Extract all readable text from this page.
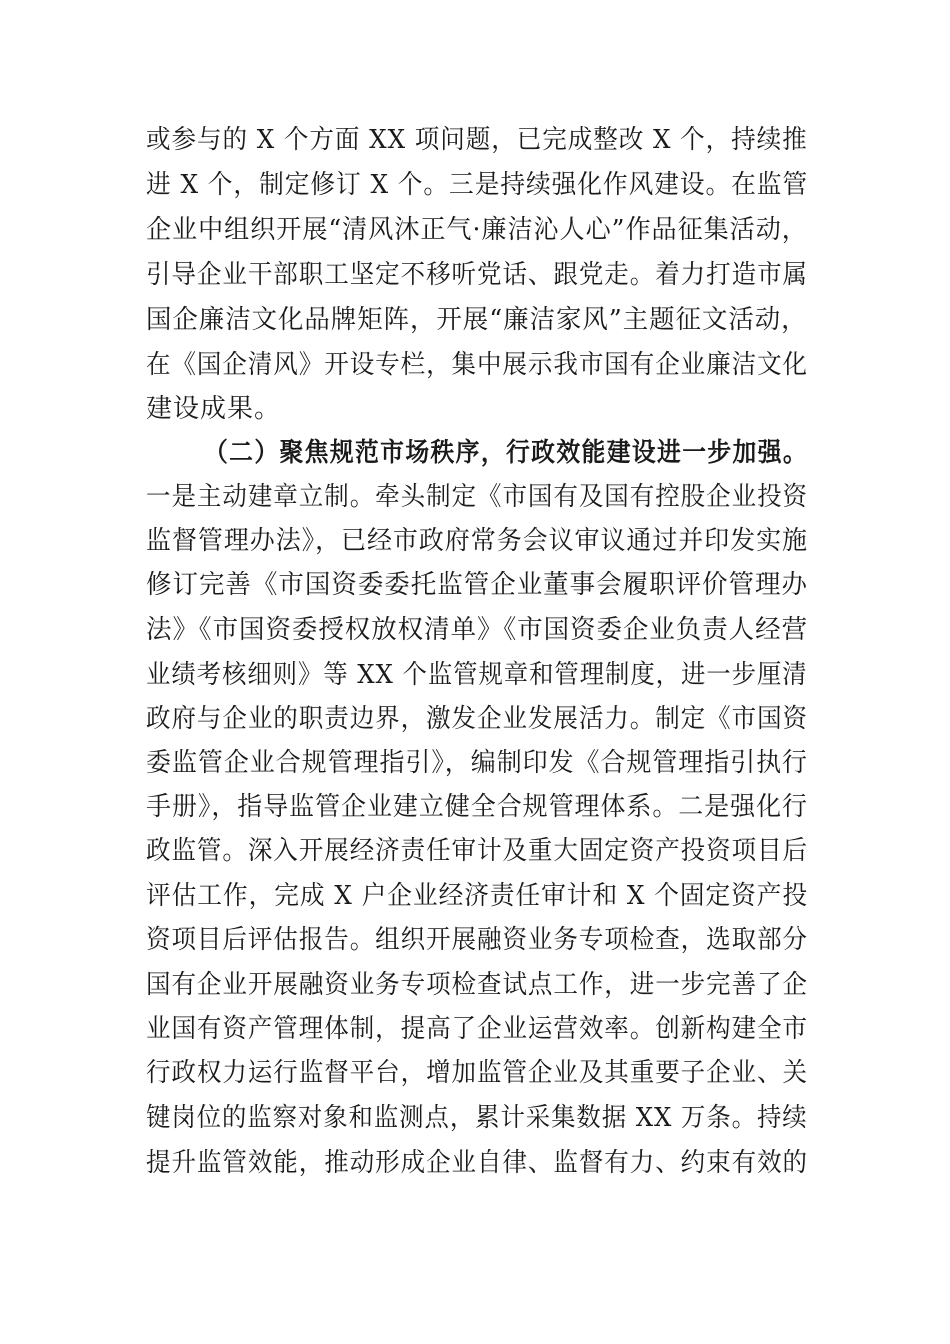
或参与的 X 个方面 XX 项问题，已完成整改 X 个，持续推
进 X 个，制定修订 X 个。三是持续强化作风建设。在监管
企业中组织开展“清风沐正气·廉洁沁人心”作品征集活动，
引导企业干部职工坚定不移听党话、跟党走。着力打造市属
国企廉洁文化品牌矩阵，开展“廉洁家风”主题征文活动，
在《国企清风》开设专栏，集中展示我市国有企业廉洁文化
建设成果。
（二）聚焦规范市场秩序，行政效能建设进一步加强。
一是主动建章立制。牵头制定《市国有及国有控股企业投资
监督管理办法》，已经市政府常务会议审议通过并印发实施
修订完善《市国资委委托监管企业董事会履职评价管理办
法》《市国资委授权放权清单》《市国资委企业负责人经营
业绩考核细则》等 XX 个监管规章和管理制度，进一步厘清
政府与企业的职责边界，激发企业发展活力。制定《市国资
委监管企业合规管理指引》，编制印发《合规管理指引执行
手册》，指导监管企业建立健全合规管理体系。二是强化行
政监管。深入开展经济责任审计及重大固定资产投资项目后
评估工作，完成 X 户企业经济责任审计和 X 个固定资产投
资项目后评估报告。组织开展融资业务专项检查，选取部分
国有企业开展融资业务专项检查试点工作，进一步完善了企
业国有资产管理体制，提高了企业运营效率。创新构建全市
行政权力运行监督平台，增加监管企业及其重要子企业、关
键岗位的监察对象和监测点，累计采集数据 XX 万条。持续
提升监管效能，推动形成企业自律、监督有力、约束有效的
